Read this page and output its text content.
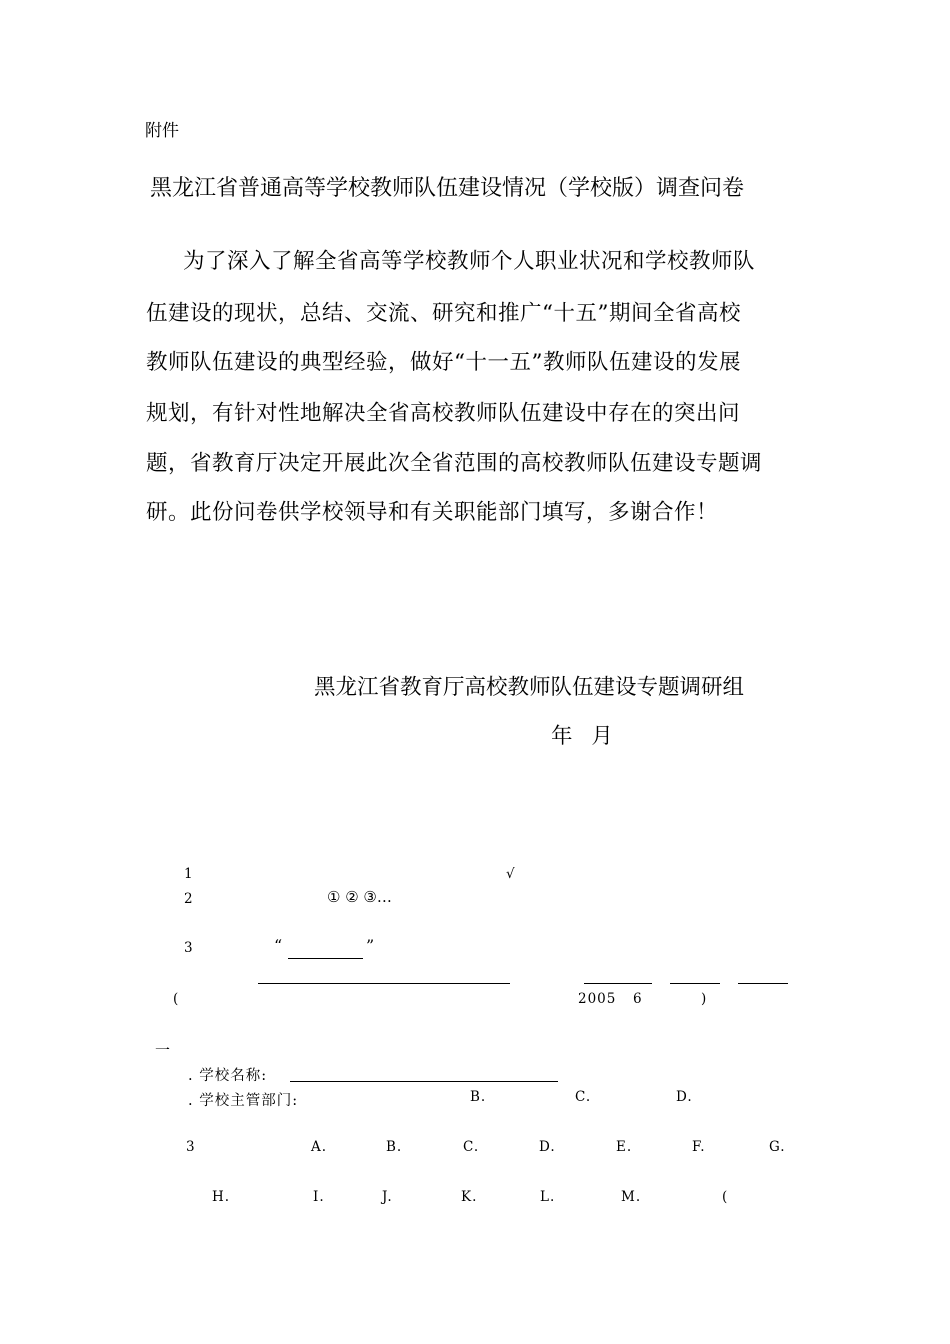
附件
黑龙江省普通高等学校教师队伍建设情况（学校版）调查问卷
为了深入了解全省高等学校教师个人职业状况和学校教师队
伍建设的现状，总结、交流、研究和推广“十五”期间全省高校
教师队伍建设的典型经验，做好“十一五”教师队伍建设的发展
规划，有针对性地解决全省高校教师队伍建设中存在的突出问
题，省教育厅决定开展此次全省范围的高校教师队伍建设专题调
研。此份问卷供学校领导和有关职能部门填写，多谢合作！
黑龙江省教育厅高校教师队伍建设专题调研组
年 月
1	√
2	① ② ③…
3	“	”
(	2005 6	)
一
. 学校名称:
. 学校主管部门:	B.	C.	D.
3	A.	B.	C.	D.	E.	F.	G.
H.	I.	J.	K.	L.	M.	(
